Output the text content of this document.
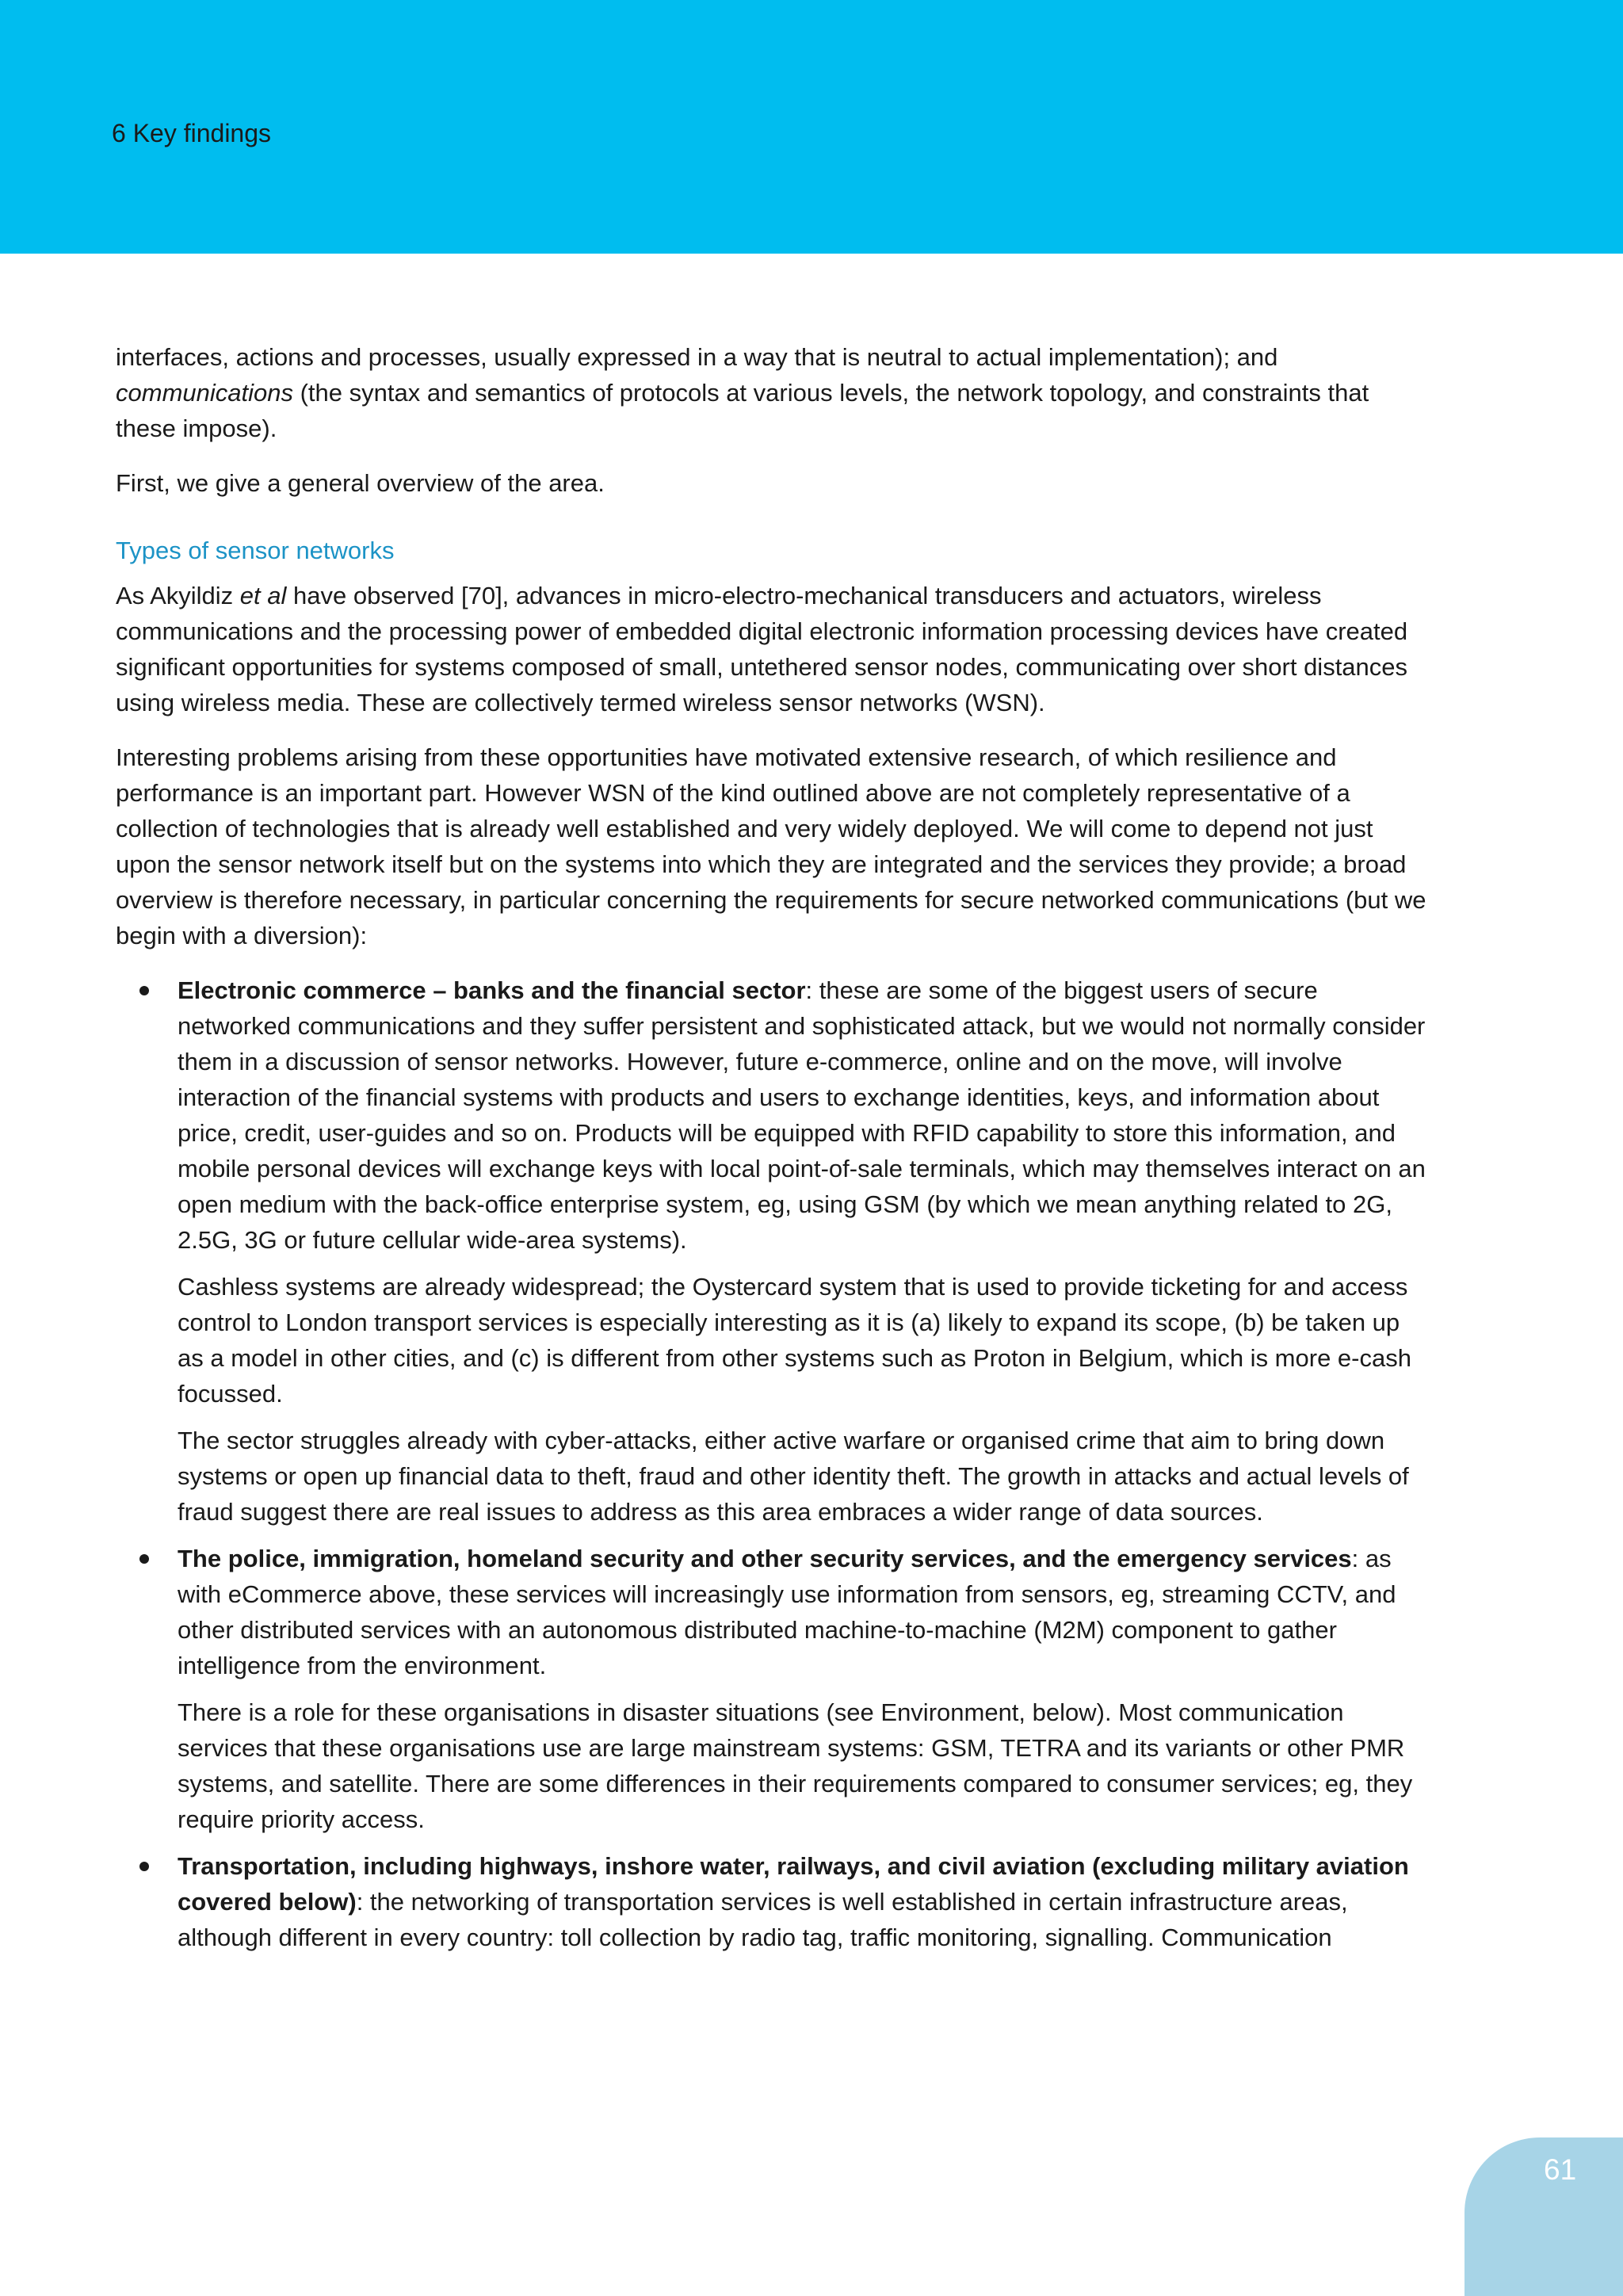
6 Key findings

interfaces, actions and processes, usually expressed in a way that is neutral to actual implementation); and communications (the syntax and semantics of protocols at various levels, the network topology, and constraints that these impose).

First, we give a general overview of the area.

Types of sensor networks

As Akyildiz et al have observed [70], advances in micro-electro-mechanical transducers and actuators, wireless communications and the processing power of embedded digital electronic information processing devices have created significant opportunities for systems composed of small, untethered sensor nodes, communicating over short distances using wireless media. These are collectively termed wireless sensor networks (WSN).

Interesting problems arising from these opportunities have motivated extensive research, of which resilience and performance is an important part. However WSN of the kind outlined above are not completely representative of a collection of technologies that is already well established and very widely deployed. We will come to depend not just upon the sensor network itself but on the systems into which they are integrated and the services they provide; a broad overview is therefore necessary, in particular concerning the requirements for secure networked communications (but we begin with a diversion):

Electronic commerce – banks and the financial sector: these are some of the biggest users of secure networked communications and they suffer persistent and sophisticated attack, but we would not normally consider them in a discussion of sensor networks. However, future e-commerce, online and on the move, will involve interaction of the financial systems with products and users to exchange identities, keys, and information about price, credit, user-guides and so on. Products will be equipped with RFID capability to store this information, and mobile personal devices will exchange keys with local point-of-sale terminals, which may themselves interact on an open medium with the back-office enterprise system, eg, using GSM (by which we mean anything related to 2G, 2.5G, 3G or future cellular wide-area systems).

Cashless systems are already widespread; the Oystercard system that is used to provide ticketing for and access control to London transport services is especially interesting as it is (a) likely to expand its scope, (b) be taken up as a model in other cities, and (c) is different from other systems such as Proton in Belgium, which is more e-cash focussed.

The sector struggles already with cyber-attacks, either active warfare or organised crime that aim to bring down systems or open up financial data to theft, fraud and other identity theft. The growth in attacks and actual levels of fraud suggest there are real issues to address as this area embraces a wider range of data sources.

The police, immigration, homeland security and other security services, and the emergency services: as with eCommerce above, these services will increasingly use information from sensors, eg, streaming CCTV, and other distributed services with an autonomous distributed machine-to-machine (M2M) component to gather intelligence from the environment.

There is a role for these organisations in disaster situations (see Environment, below). Most communication services that these organisations use are large mainstream systems: GSM, TETRA and its variants or other PMR systems, and satellite. There are some differences in their requirements compared to consumer services; eg, they require priority access.

Transportation, including highways, inshore water, railways, and civil aviation (excluding military aviation covered below): the networking of transportation services is well established in certain infrastructure areas, although different in every country: toll collection by radio tag, traffic monitoring, signalling. Communication

61
